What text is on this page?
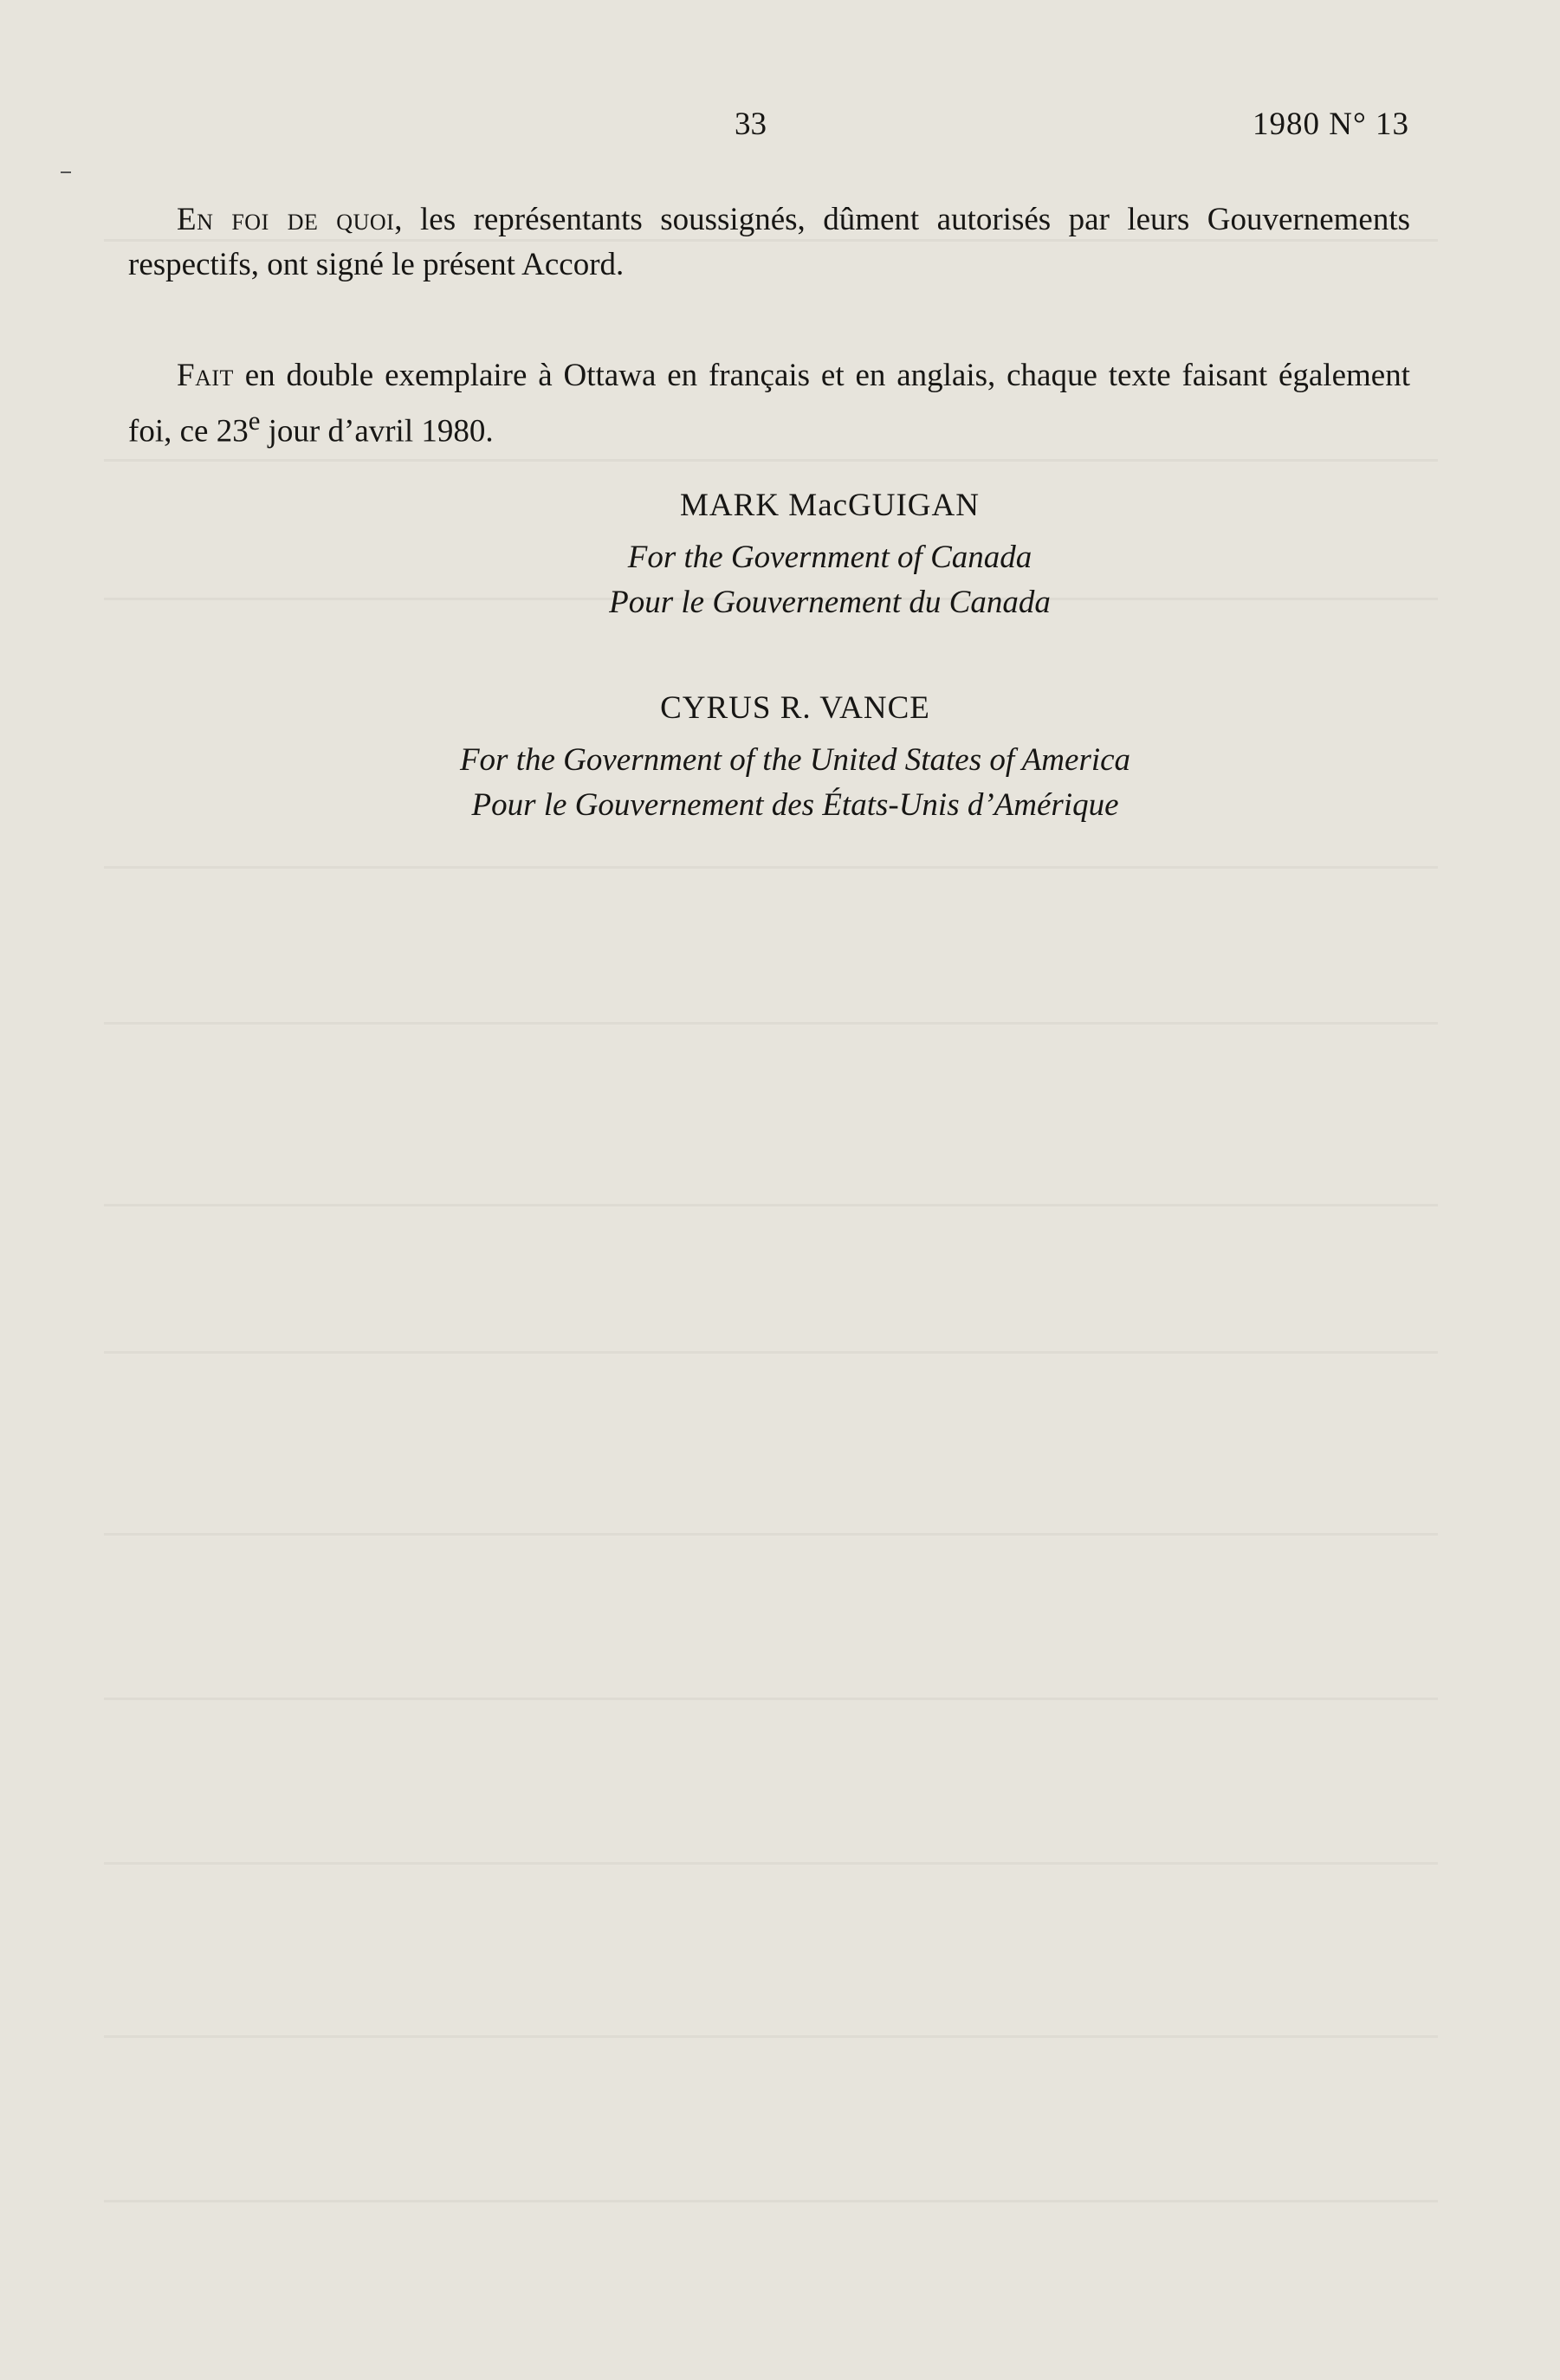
33	1980 N° 13

En foi de quoi, les représentants soussignés, dûment autorisés par leurs Gouvernements respectifs, ont signé le présent Accord.

Fait en double exemplaire à Ottawa en français et en anglais, chaque texte faisant également foi, ce 23e jour d’avril 1980.

MARK MacGUIGAN
For the Government of Canada
Pour le Gouvernement du Canada
CYRUS R. VANCE
For the Government of the United States of America
Pour le Gouvernement des États-Unis d’Amérique
